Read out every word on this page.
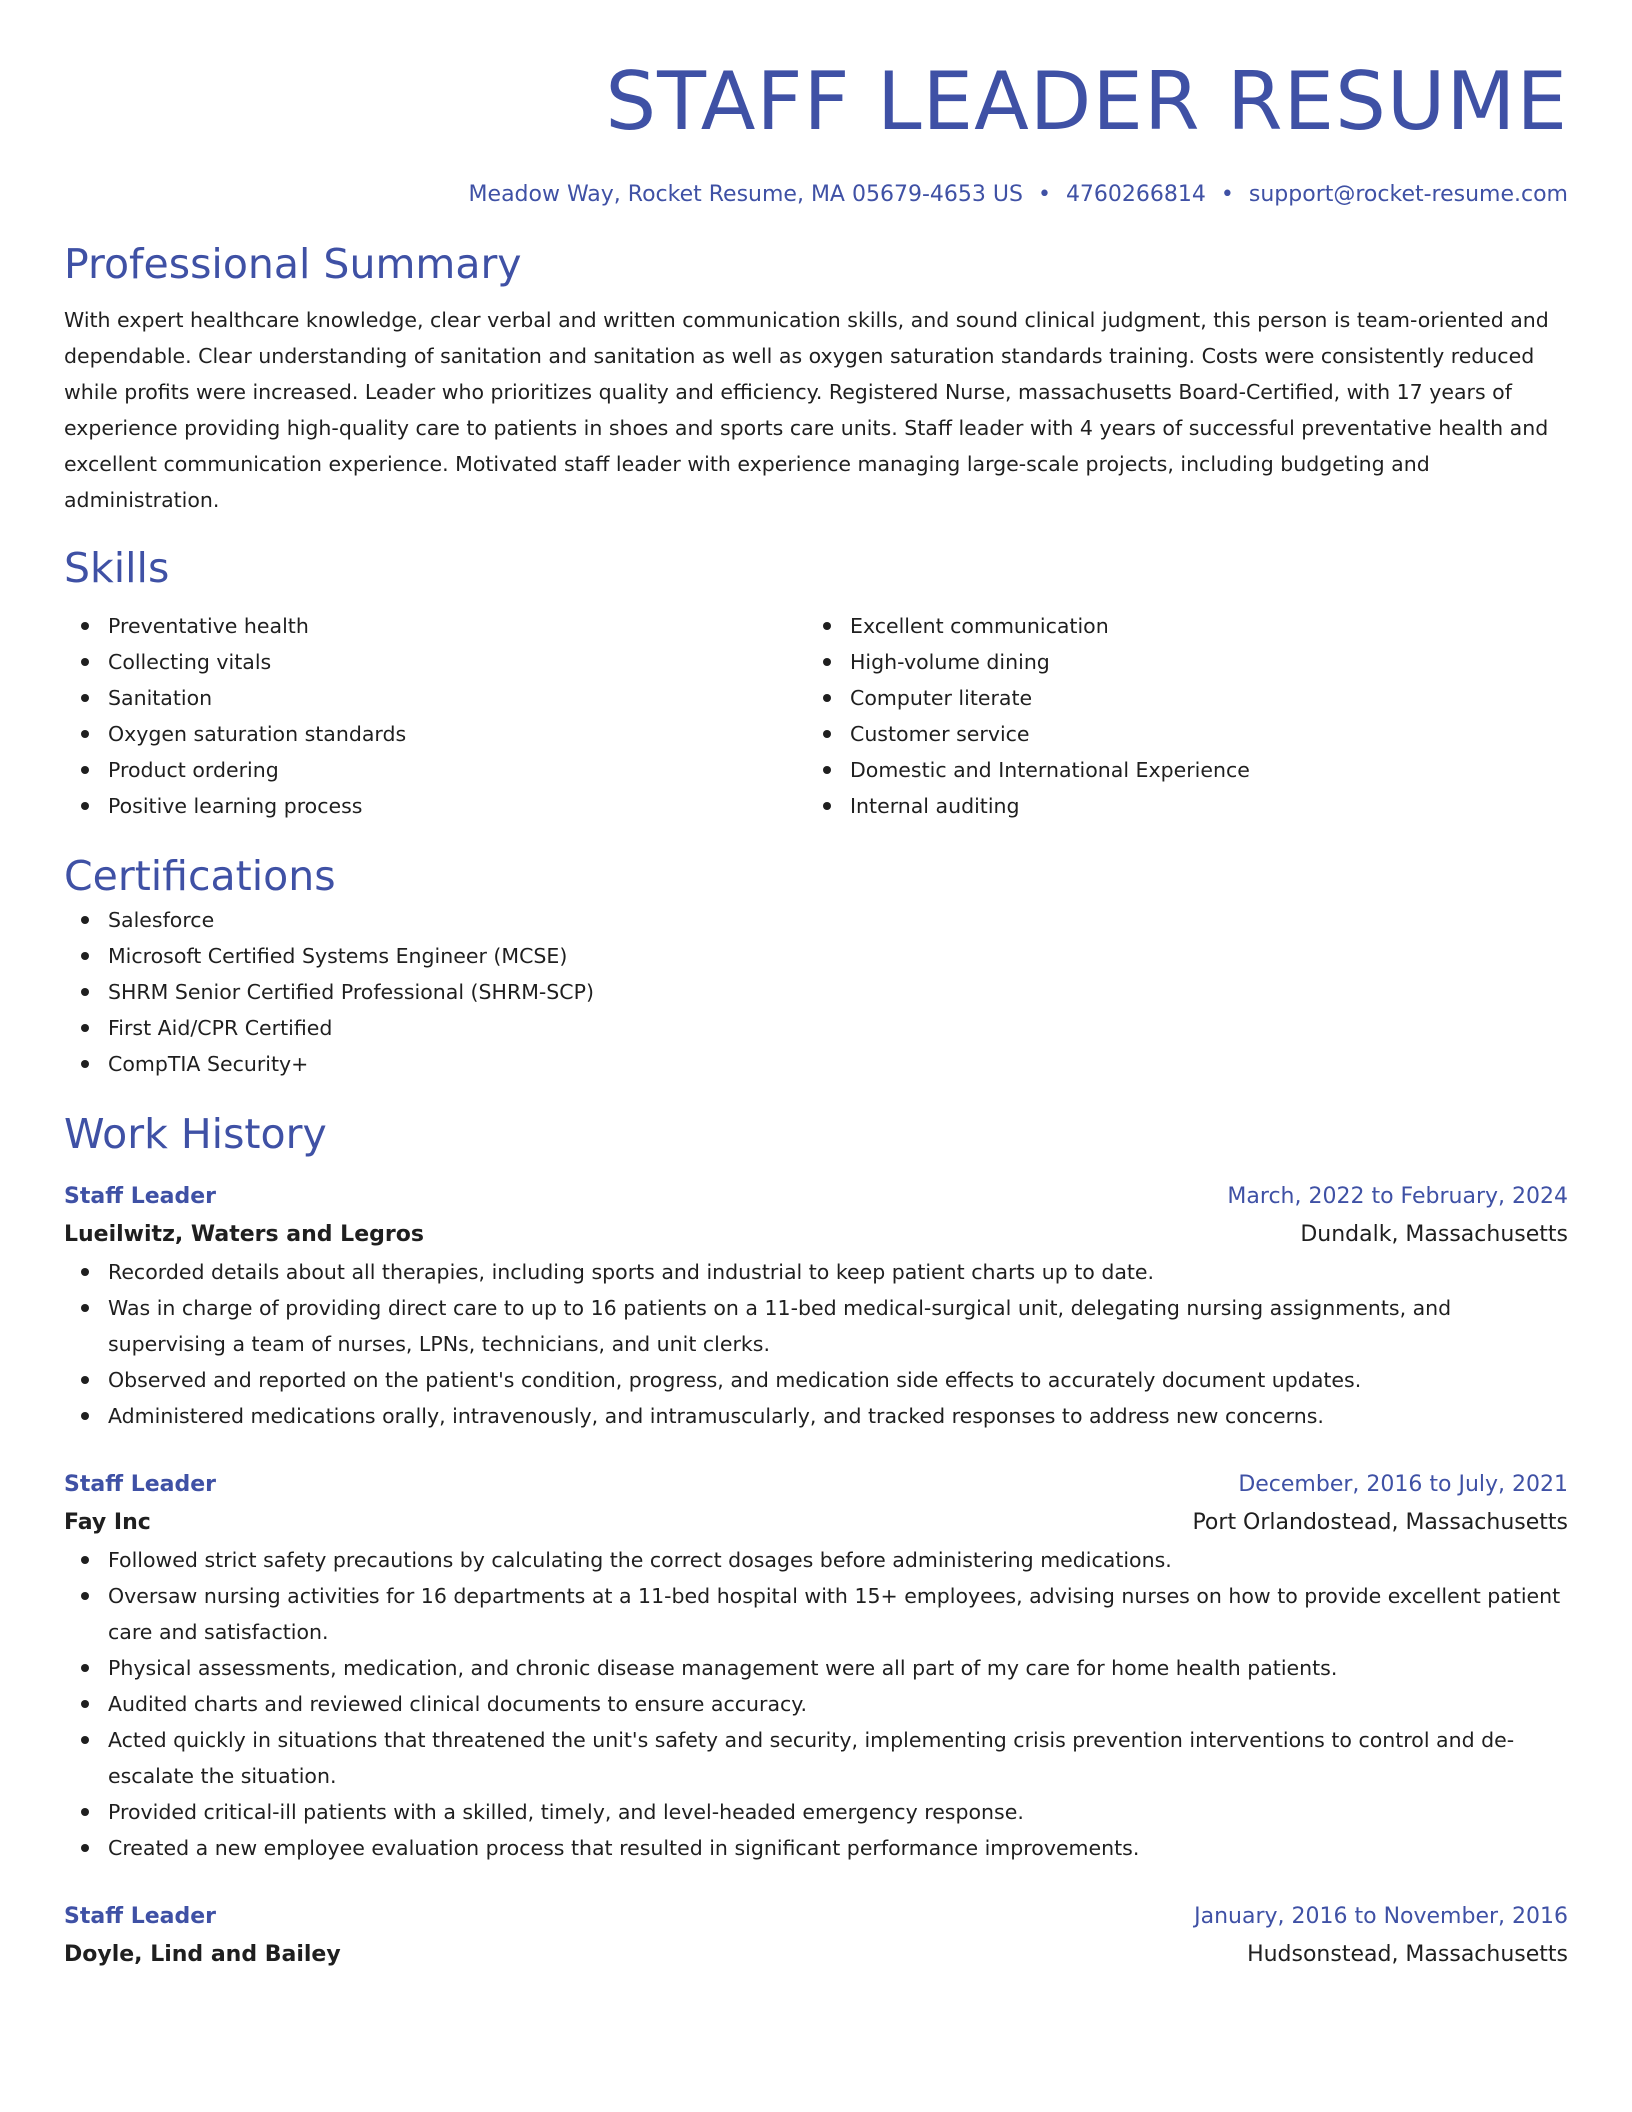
STAFF LEADER RESUME
Meadow Way, Rocket Resume, MA 05679-4653 US • 4760266814 • support@rocket-resume.com
Professional Summary
With expert healthcare knowledge, clear verbal and written communication skills, and sound clinical judgment, this person is team-oriented and dependable. Clear understanding of sanitation and sanitation as well as oxygen saturation standards training. Costs were consistently reduced while profits were increased. Leader who prioritizes quality and efficiency. Registered Nurse, massachusetts Board-Certified, with 17 years of experience providing high-quality care to patients in shoes and sports care units. Staff leader with 4 years of successful preventative health and excellent communication experience. Motivated staff leader with experience managing large-scale projects, including budgeting and administration.
Skills
Preventative health
Collecting vitals
Sanitation
Oxygen saturation standards
Product ordering
Positive learning process
Excellent communication
High-volume dining
Computer literate
Customer service
Domestic and International Experience
Internal auditing
Certifications
Salesforce
Microsoft Certified Systems Engineer (MCSE)
SHRM Senior Certified Professional (SHRM-SCP)
First Aid/CPR Certified
CompTIA Security+
Work History
Staff Leader	March, 2022 to February, 2024
Lueilwitz, Waters and Legros	Dundalk, Massachusetts
Recorded details about all therapies, including sports and industrial to keep patient charts up to date.
Was in charge of providing direct care to up to 16 patients on a 11-bed medical-surgical unit, delegating nursing assignments, and supervising a team of nurses, LPNs, technicians, and unit clerks.
Observed and reported on the patient's condition, progress, and medication side effects to accurately document updates.
Administered medications orally, intravenously, and intramuscularly, and tracked responses to address new concerns.
Staff Leader	December, 2016 to July, 2021
Fay Inc	Port Orlandostead, Massachusetts
Followed strict safety precautions by calculating the correct dosages before administering medications.
Oversaw nursing activities for 16 departments at a 11-bed hospital with 15+ employees, advising nurses on how to provide excellent patient care and satisfaction.
Physical assessments, medication, and chronic disease management were all part of my care for home health patients.
Audited charts and reviewed clinical documents to ensure accuracy.
Acted quickly in situations that threatened the unit's safety and security, implementing crisis prevention interventions to control and de-escalate the situation.
Provided critical-ill patients with a skilled, timely, and level-headed emergency response.
Created a new employee evaluation process that resulted in significant performance improvements.
Staff Leader	January, 2016 to November, 2016
Doyle, Lind and Bailey	Hudsonstead, Massachusetts
